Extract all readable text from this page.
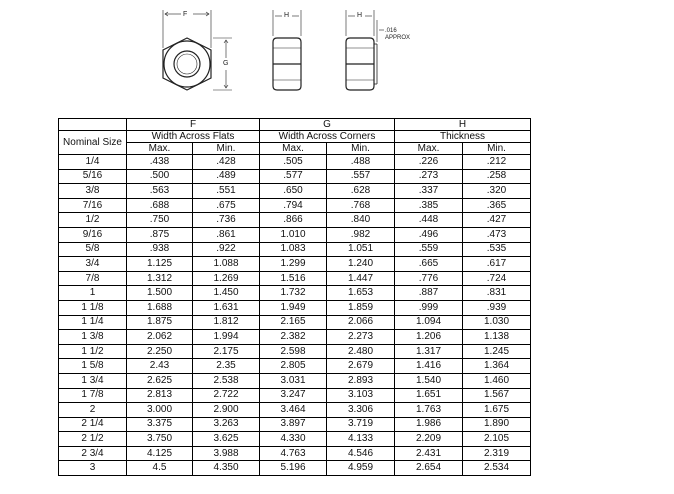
F
G
H	H
.016
APPROX
	F		G		H	
Nominal Size	Width Across Flats		Width Across Corners		Thickness	
	Max.	Min.	Max.	Min.	Max.	Min.
1/4	.438	.428	.505	.488	.226	.212
5/16	.500	.489	.577	.557	.273	.258
3/8	.563	.551	.650	.628	.337	.320
7/16	.688	.675	.794	.768	.385	.365
1/2	.750	.736	.866	.840	.448	.427
9/16	.875	.861	1.010	.982	.496	.473
5/8	.938	.922	1.083	1.051	.559	.535
3/4	1.125	1.088	1.299	1.240	.665	.617
7/8	1.312	1.269	1.516	1.447	.776	.724
1	1.500	1.450	1.732	1.653	.887	.831
1 1/8	1.688	1.631	1.949	1.859	.999	.939
1 1/4	1.875	1.812	2.165	2.066	1.094	1.030
1 3/8	2.062	1.994	2.382	2.273	1.206	1.138
1 1/2	2.250	2.175	2.598	2.480	1.317	1.245
1 5/8	2.43	2.35	2.805	2.679	1.416	1.364
1 3/4	2.625	2.538	3.031	2.893	1.540	1.460
1 7/8	2.813	2.722	3.247	3.103	1.651	1.567
2	3.000	2.900	3.464	3.306	1.763	1.675
2 1/4	3.375	3.263	3.897	3.719	1.986	1.890
2 1/2	3.750	3.625	4.330	4.133	2.209	2.105
2 3/4	4.125	3.988	4.763	4.546	2.431	2.319
3	4.5	4.350	5.196	4.959	2.654	2.534
